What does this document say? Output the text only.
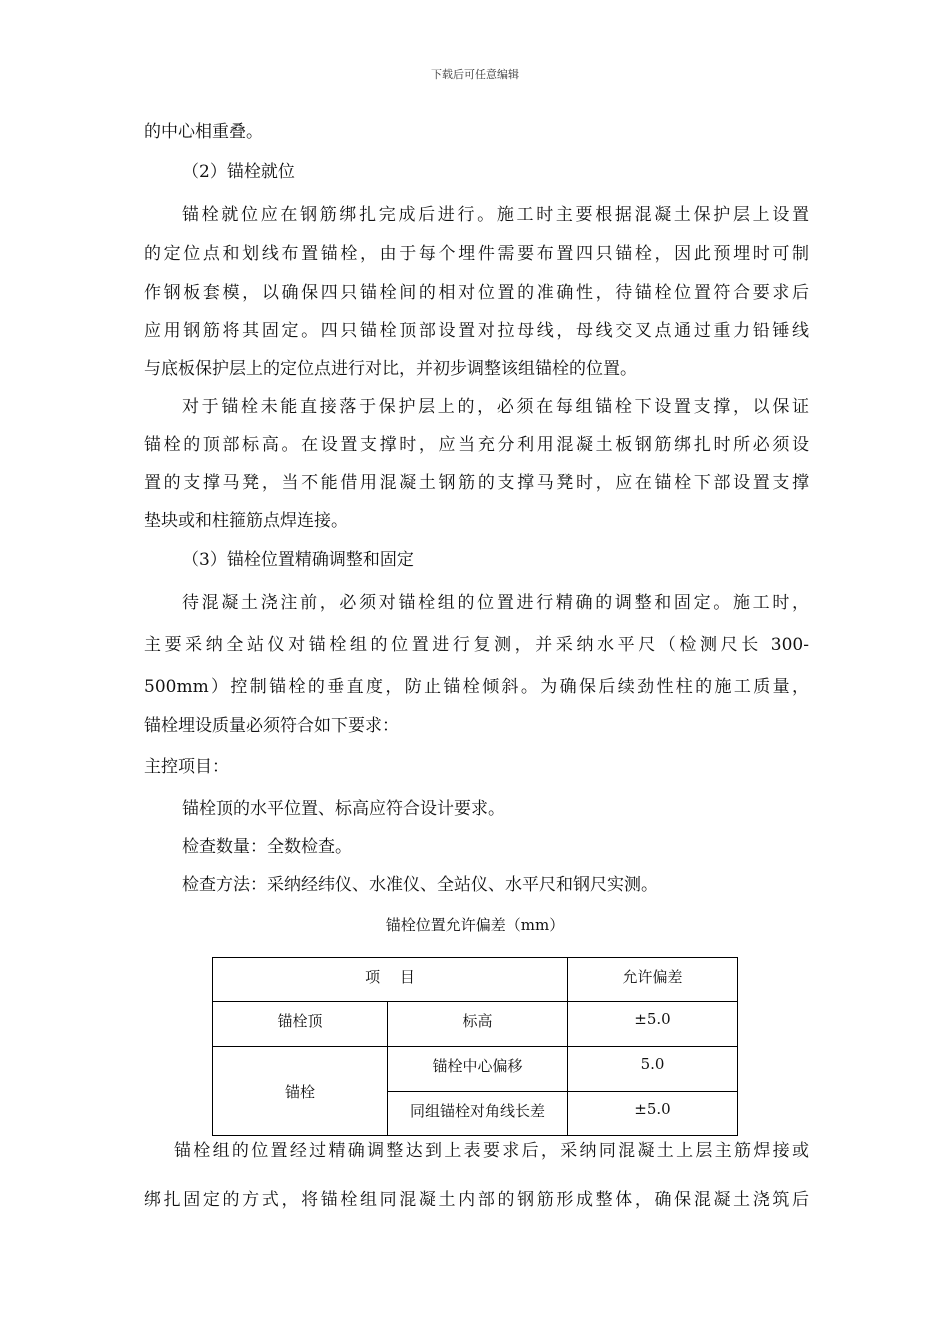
下载后可任意编辑
的中心相重叠。
（2）锚栓就位
锚栓就位应在钢筋绑扎完成后进行。施工时主要根据混凝土保护层上设置
的定位点和划线布置锚栓，由于每个埋件需要布置四只锚栓，因此预埋时可制
作钢板套模，以确保四只锚栓间的相对位置的准确性，待锚栓位置符合要求后
应用钢筋将其固定。四只锚栓顶部设置对拉母线，母线交叉点通过重力铅锤线
与底板保护层上的定位点进行对比，并初步调整该组锚栓的位置。
对于锚栓未能直接落于保护层上的，必须在每组锚栓下设置支撑，以保证
锚栓的顶部标高。在设置支撑时，应当充分利用混凝土板钢筋绑扎时所必须设
置的支撑马凳，当不能借用混凝土钢筋的支撑马凳时，应在锚栓下部设置支撑
垫块或和柱箍筋点焊连接。
（3）锚栓位置精确调整和固定
待混凝土浇注前，必须对锚栓组的位置进行精确的调整和固定。施工时，
主要采纳全站仪对锚栓组的位置进行复测，并采纳水平尺（检测尺长 300-
500mm）控制锚栓的垂直度，防止锚栓倾斜。为确保后续劲性柱的施工质量，
锚栓埋设质量必须符合如下要求：
主控项目：
锚栓顶的水平位置、标高应符合设计要求。
检查数量：全数检查。
检查方法：采纳经纬仪、水准仪、全站仪、水平尺和钢尺实测。
锚栓位置允许偏差（mm）
项　 目		允许偏差
锚栓顶	标高	±5.0
锚栓	锚栓中心偏移	5.0
	同组锚栓对角线长差	±5.0
锚栓组的位置经过精确调整达到上表要求后，采纳同混凝土上层主筋焊接或
绑扎固定的方式，将锚栓组同混凝土内部的钢筋形成整体，确保混凝土浇筑后
